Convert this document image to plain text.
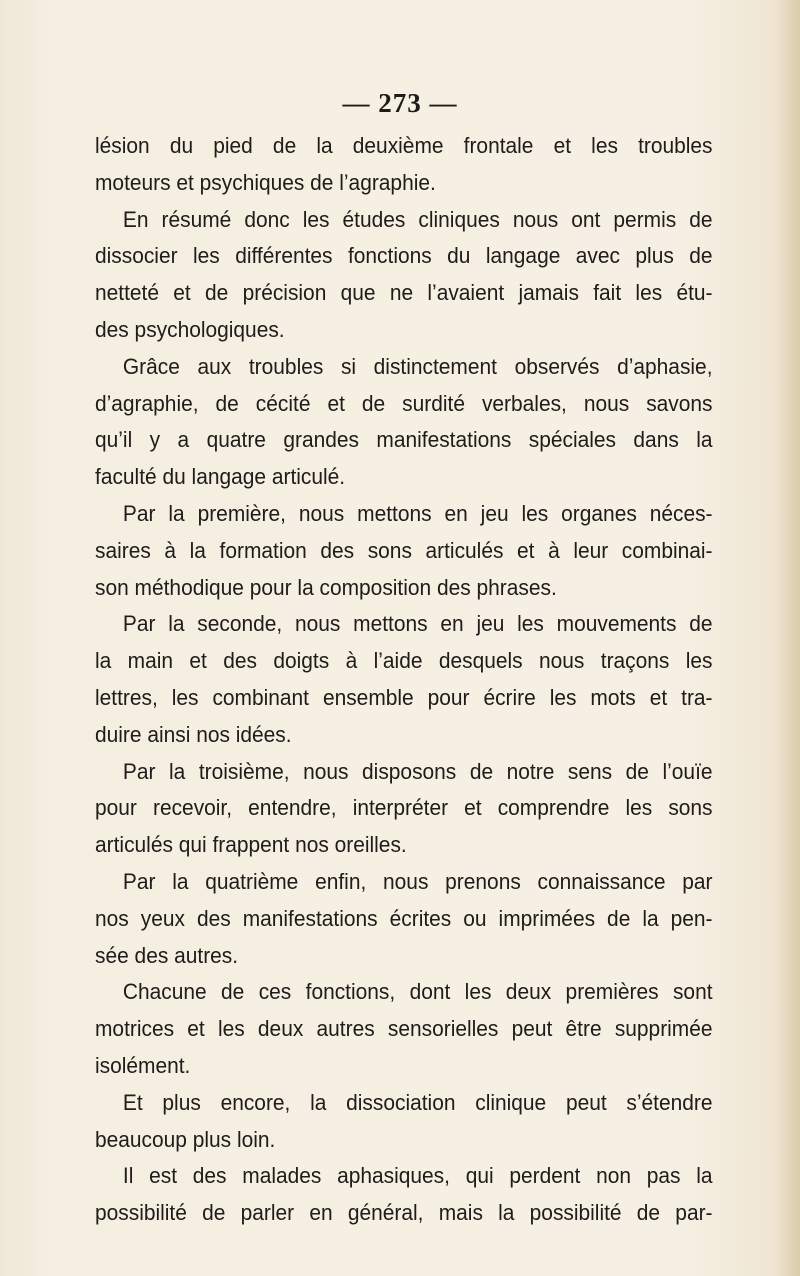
— 273 —
lésion du pied de la deuxième frontale et les troubles
moteurs et psychiques de l’agraphie.
En résumé donc les études cliniques nous ont permis de
dissocier les différentes fonctions du langage avec plus de
netteté et de précision que ne l’avaient jamais fait les étu-
des psychologiques.
Grâce aux troubles si distinctement observés d’aphasie,
d’agraphie, de cécité et de surdité verbales, nous savons
qu’il y a quatre grandes manifestations spéciales dans la
faculté du langage articulé.
Par la première, nous mettons en jeu les organes néces-
saires à la formation des sons articulés et à leur combinai-
son méthodique pour la composition des phrases.
Par la seconde, nous mettons en jeu les mouvements de
la main et des doigts à l’aide desquels nous traçons les
lettres, les combinant ensemble pour écrire les mots et tra-
duire ainsi nos idées.
Par la troisième, nous disposons de notre sens de l’ouïe
pour recevoir, entendre, interpréter et comprendre les sons
articulés qui frappent nos oreilles.
Par la quatrième enfin, nous prenons connaissance par
nos yeux des manifestations écrites ou imprimées de la pen-
sée des autres.
Chacune de ces fonctions, dont les deux premières sont
motrices et les deux autres sensorielles peut être supprimée
isolément.
Et plus encore, la dissociation clinique peut s’étendre
beaucoup plus loin.
Il est des malades aphasiques, qui perdent non pas la
possibilité de parler en général, mais la possibilité de par-
